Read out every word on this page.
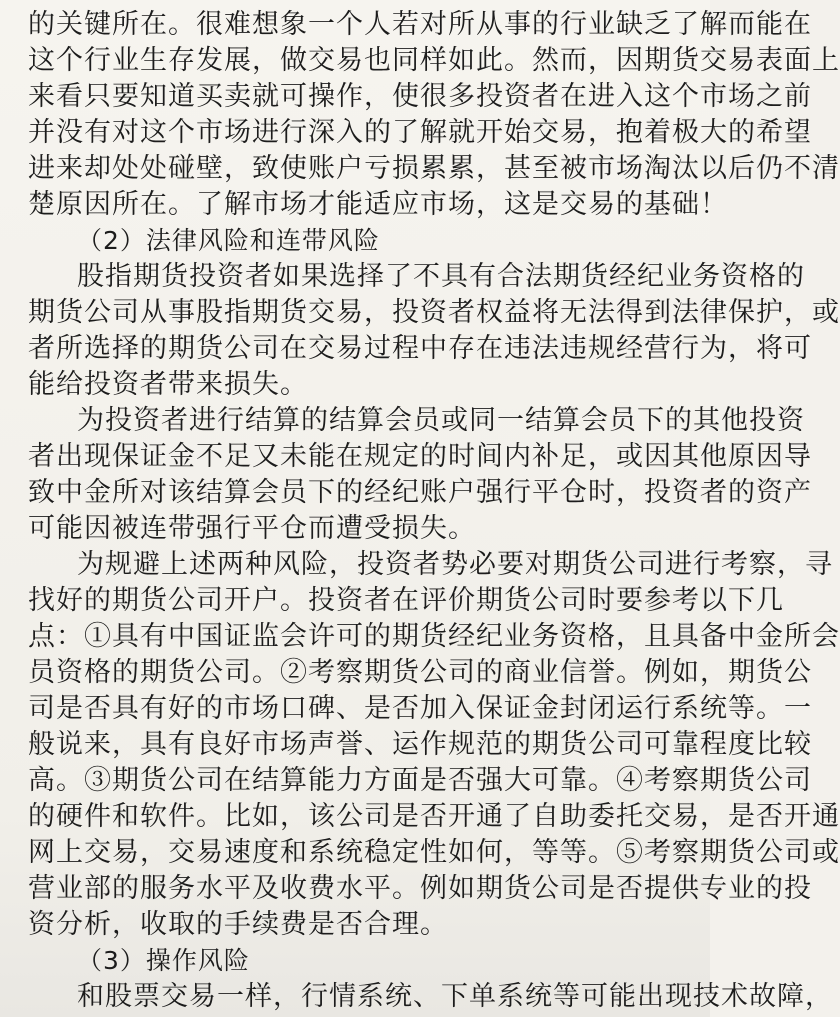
的关键所在。很难想象一个人若对所从事的行业缺乏了解而能在
这个行业生存发展，做交易也同样如此。然而，因期货交易表面上
来看只要知道买卖就可操作，使很多投资者在进入这个市场之前
并没有对这个市场进行深入的了解就开始交易，抱着极大的希望
进来却处处碰壁，致使账户亏损累累，甚至被市场淘汰以后仍不清
楚原因所在。了解市场才能适应市场，这是交易的基础！
（2）法律风险和连带风险
股指期货投资者如果选择了不具有合法期货经纪业务资格的
期货公司从事股指期货交易，投资者权益将无法得到法律保护，或
者所选择的期货公司在交易过程中存在违法违规经营行为，将可
能给投资者带来损失。
为投资者进行结算的结算会员或同一结算会员下的其他投资
者出现保证金不足又未能在规定的时间内补足，或因其他原因导
致中金所对该结算会员下的经纪账户强行平仓时，投资者的资产
可能因被连带强行平仓而遭受损失。
为规避上述两种风险，投资者势必要对期货公司进行考察，寻
找好的期货公司开户。投资者在评价期货公司时要参考以下几
点：①具有中国证监会许可的期货经纪业务资格，且具备中金所会
员资格的期货公司。②考察期货公司的商业信誉。例如，期货公
司是否具有好的市场口碑、是否加入保证金封闭运行系统等。一
般说来，具有良好市场声誉、运作规范的期货公司可靠程度比较
高。③期货公司在结算能力方面是否强大可靠。④考察期货公司
的硬件和软件。比如，该公司是否开通了自助委托交易，是否开通
网上交易，交易速度和系统稳定性如何，等等。⑤考察期货公司或
营业部的服务水平及收费水平。例如期货公司是否提供专业的投
资分析，收取的手续费是否合理。
（3）操作风险
和股票交易一样，行情系统、下单系统等可能出现技术故障，
